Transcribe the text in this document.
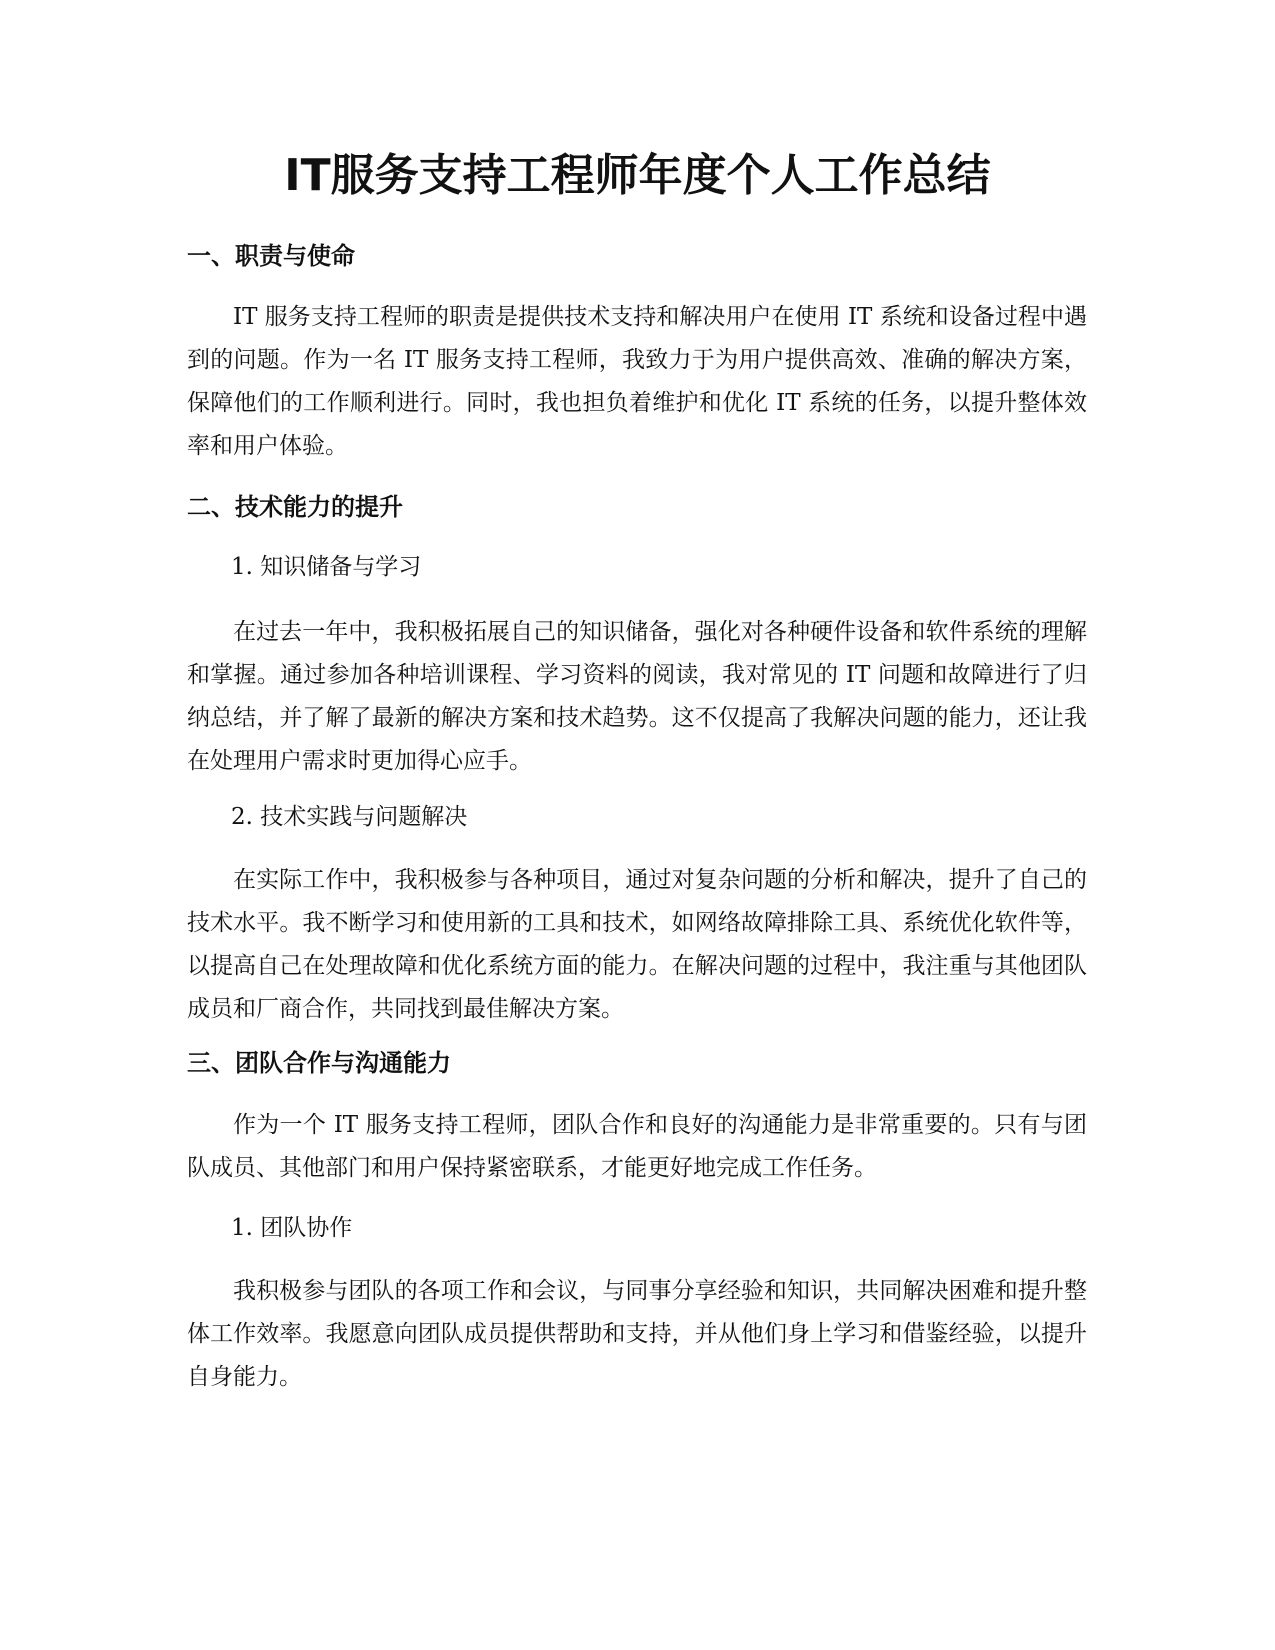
IT服务支持工程师年度个人工作总结
一、职责与使命

IT 服务支持工程师的职责是提供技术支持和解决用户在使用 IT 系统和设备过程中遇到的问题。作为一名 IT 服务支持工程师，我致力于为用户提供高效、准确的解决方案，保障他们的工作顺利进行。同时，我也担负着维护和优化 IT 系统的任务，以提升整体效率和用户体验。

二、技术能力的提升
1. 知识储备与学习

在过去一年中，我积极拓展自己的知识储备，强化对各种硬件设备和软件系统的理解和掌握。通过参加各种培训课程、学习资料的阅读，我对常见的 IT 问题和故障进行了归纳总结，并了解了最新的解决方案和技术趋势。这不仅提高了我解决问题的能力，还让我在处理用户需求时更加得心应手。

2. 技术实践与问题解决

在实际工作中，我积极参与各种项目，通过对复杂问题的分析和解决，提升了自己的技术水平。我不断学习和使用新的工具和技术，如网络故障排除工具、系统优化软件等，以提高自己在处理故障和优化系统方面的能力。在解决问题的过程中，我注重与其他团队成员和厂商合作，共同找到最佳解决方案。

三、团队合作与沟通能力

作为一个 IT 服务支持工程师，团队合作和良好的沟通能力是非常重要的。只有与团队成员、其他部门和用户保持紧密联系，才能更好地完成工作任务。

1. 团队协作

我积极参与团队的各项工作和会议，与同事分享经验和知识，共同解决困难和提升整体工作效率。我愿意向团队成员提供帮助和支持，并从他们身上学习和借鉴经验，以提升自身能力。
